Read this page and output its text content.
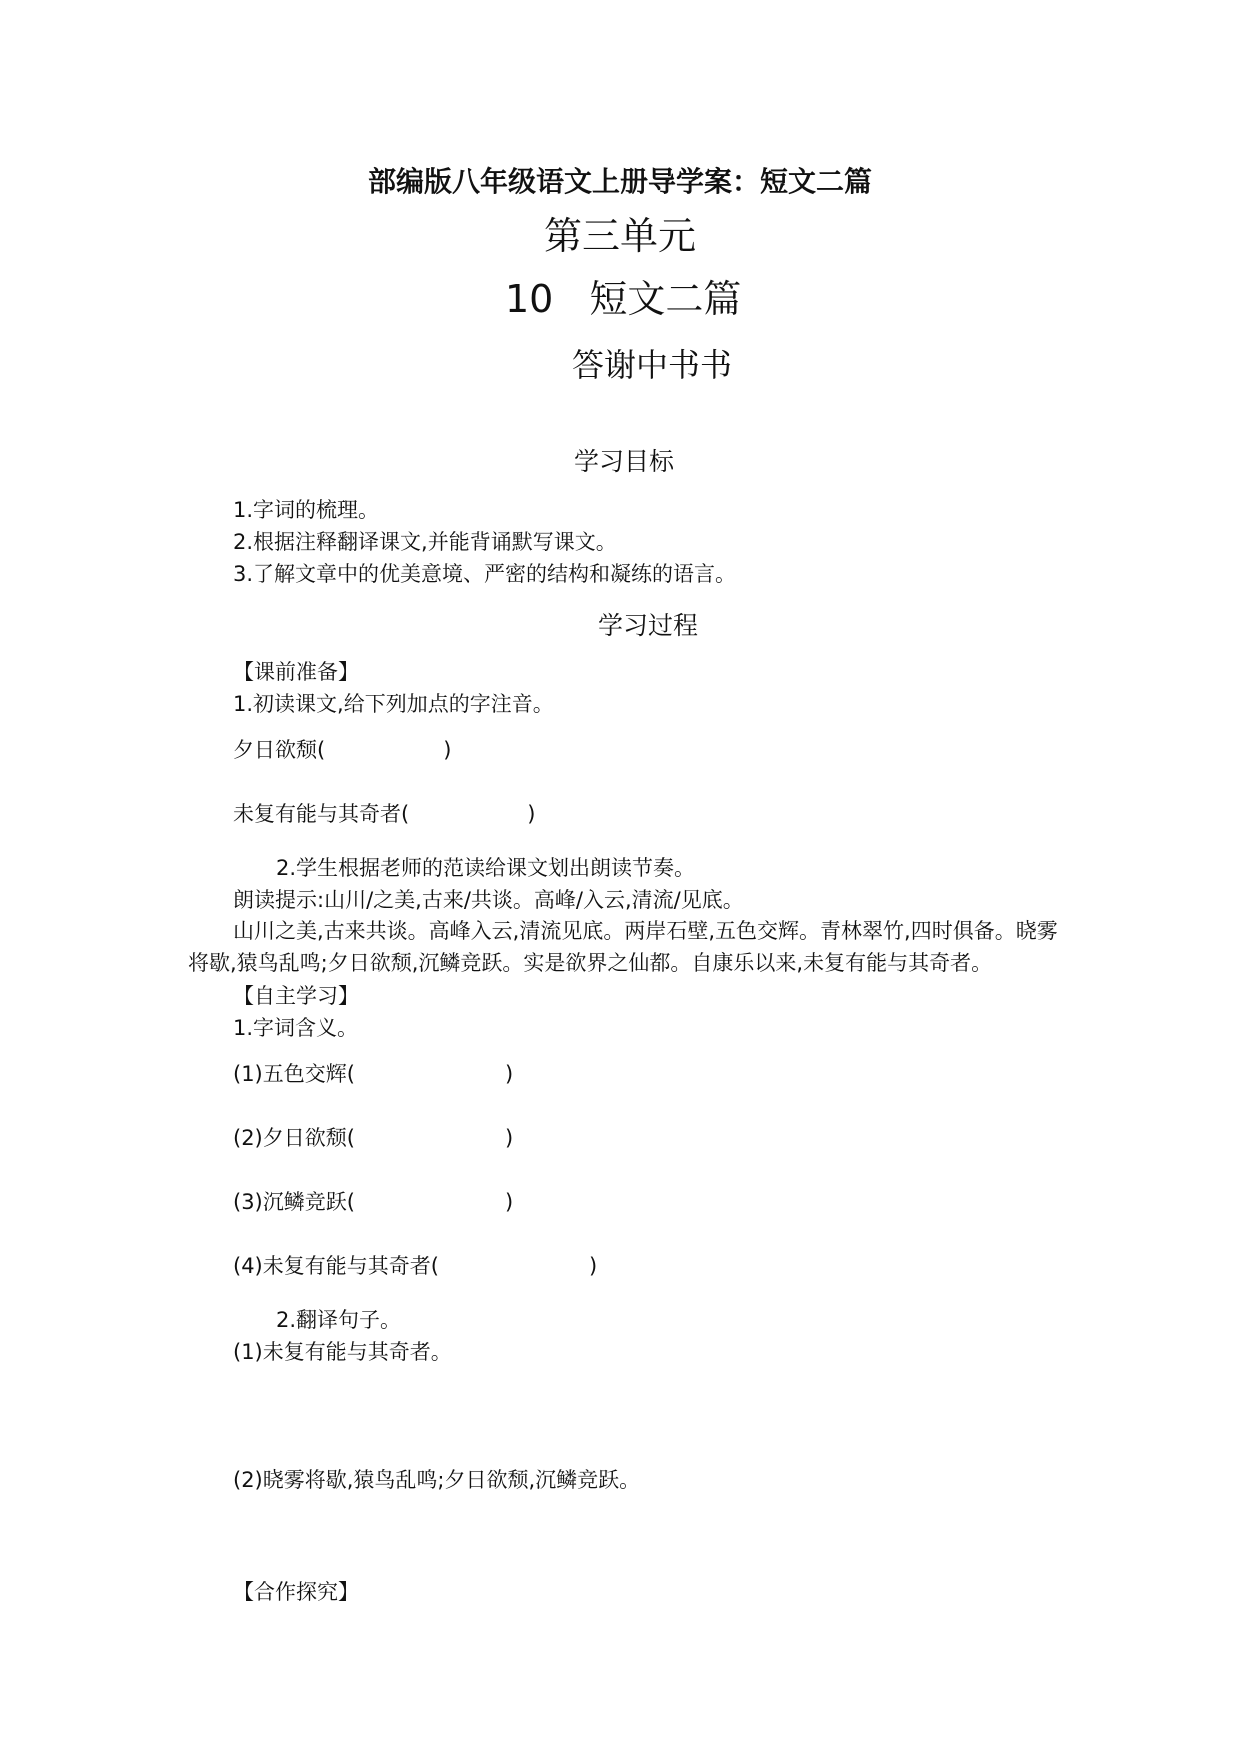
部编版八年级语文上册导学案：短文二篇
第三单元
10 短文二篇
答谢中书书
学习目标
1.字词的梳理。
2.根据注释翻译课文,并能背诵默写课文。
3.了解文章中的优美意境、严密的结构和凝练的语言。
学习过程
【课前准备】
1.初读课文,给下列加点的字注音。
夕日欲颓(	)
未复有能与其奇者(	)
2.学生根据老师的范读给课文划出朗读节奏。
朗读提示:山川/之美,古来/共谈。高峰/入云,清流/见底。
山川之美,古来共谈。高峰入云,清流见底。两岸石壁,五色交辉。青林翠竹,四时俱备。晓雾将歇,猿鸟乱鸣;夕日欲颓,沉鳞竞跃。实是欲界之仙都。自康乐以来,未复有能与其奇者。
【自主学习】
1.字词含义。
(1)五色交辉(	)
(2)夕日欲颓(	)
(3)沉鳞竞跃(	)
(4)未复有能与其奇者(	)
2.翻译句子。
(1)未复有能与其奇者。
(2)晓雾将歇,猿鸟乱鸣;夕日欲颓,沉鳞竞跃。
【合作探究】
